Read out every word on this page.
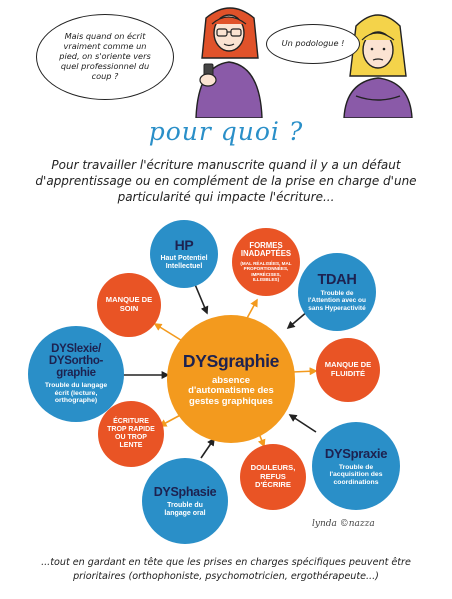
Mais quand on écrit vraiment comme un pied, on s'oriente vers quel professionnel du coup ?
Un podologue !
pour quoi ?
Pour travailler l'écriture manuscrite quand il y a un défaut d'apprentissage ou en complément de la prise en charge d'une particularité qui impacte l'écriture...
DYSgraphie
absence d'automatisme des gestes graphiques
HP
Haut Potentiel Intellectuel
FORMES INADAPTÉES
(MAL RÉALISÉES, MAL PROPORTIONNÉES, IMPRÉCISES, ILLISIBLES)	TDAH
Trouble de l'Attention avec ou sans Hyperactivité
MANQUE DE SOIN
MANQUE DE FLUIDITÉ
DYSlexie/ DYSortho-graphie
Trouble du langage écrit (lecture, orthographe)
ÉCRITURE TROP RAPIDE OU TROP LENTE
DOULEURS, REFUS D'ÉCRIRE
DYSpraxie
Trouble de l'acquisition des coordinations
DYSphasie
Trouble du langage oral
lynda ©nazza
...tout en gardant en tête que les prises en charges spécifiques peuvent être prioritaires (orthophoniste, psychomotricien, ergothérapeute...)
